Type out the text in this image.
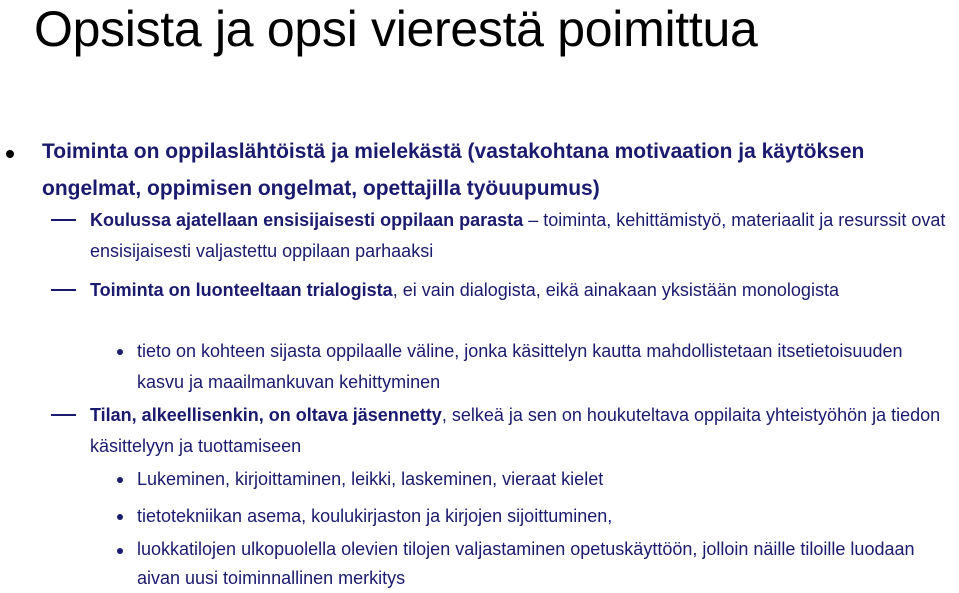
Opsista ja opsi vierestä poimittua
Toiminta on oppilaslähtöistä ja mielekästä (vastakohtana motivaation ja käytöksen ongelmat, oppimisen ongelmat, opettajilla työuupumus)
Koulussa ajatellaan ensisijaisesti oppilaan parasta – toiminta, kehittämistyö, materiaalit ja resurssit ovat ensisijaisesti valjastettu oppilaan parhaaksi
Toiminta on luonteeltaan trialogista, ei vain dialogista, eikä ainakaan yksistään monologista
tieto on kohteen sijasta oppilaalle väline, jonka käsittelyn kautta mahdollistetaan itsetietoisuuden kasvu ja maailmankuvan kehittyminen
Tilan, alkeellisenkin, on oltava jäsennetty, selkeä ja sen on houkuteltava oppilaita yhteistyöhön ja tiedon käsittelyyn ja tuottamiseen
Lukeminen, kirjoittaminen, leikki, laskeminen, vieraat kielet
tietotekniikan asema, koulukirjaston ja kirjojen sijoittuminen,
luokkatilojen ulkopuolella olevien tilojen valjastaminen opetuskäyttöön, jolloin näille tiloille luodaan aivan uusi toiminnallinen merkitys
